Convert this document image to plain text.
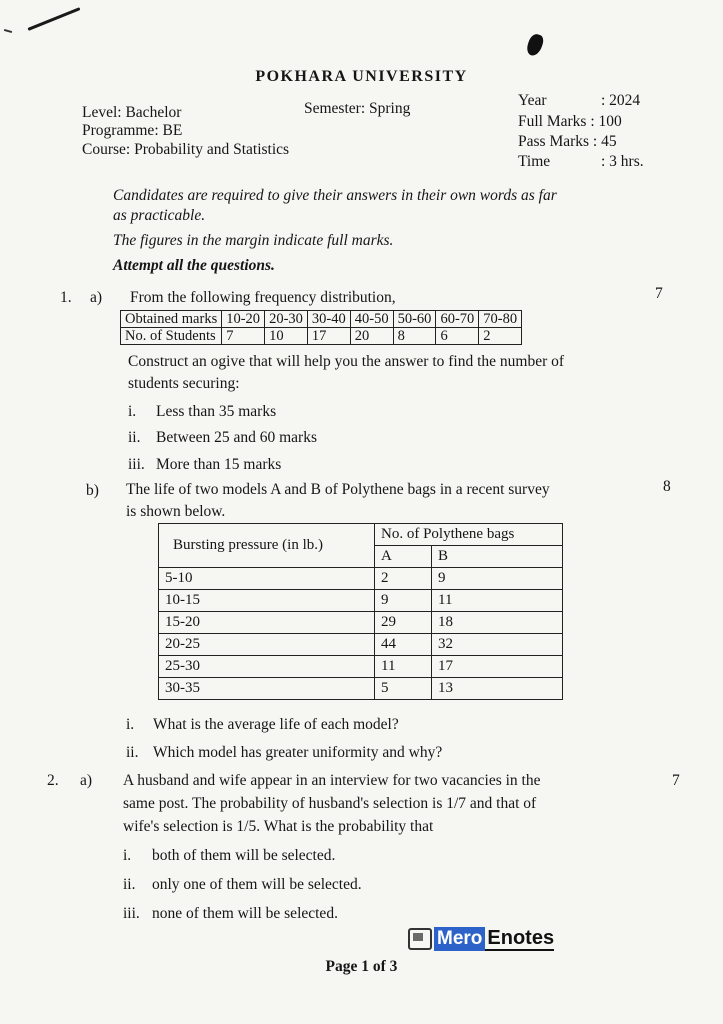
POKHARA UNIVERSITY
Level: Bachelor
Programme: BE
Course: Probability and Statistics
Semester: Spring	Year	: 2024
Full Marks : 100
Pass Marks : 45
Time	: 3 hrs.
Candidates are required to give their answers in their own words as far
as practicable.
The figures in the margin indicate full marks.
Attempt all the questions.
1. a) From the following frequency distribution,	7
Obtained marks	10-20	20-30	30-40	40-50	50-60	60-70	70-80
No. of Students	7	10	17	20	8	6	2
Construct an ogive that will help you the answer to find the number of
students securing:
i. Less than 35 marks
ii. Between 25 and 60 marks
iii. More than 15 marks
b) The life of two models A and B of Polythene bags in a recent survey
is shown below.
8
Bursting pressure (in lb.)	No. of Polythene bags	
	A	B
5-10	2	9
10-15	9	11
15-20	29	18
20-25	44	32
25-30	11	17
30-35	5	13
i. What is the average life of each model?
ii. Which model has greater uniformity and why?
2. a) A husband and wife appear in an interview for two vacancies in the
same post. The probability of husband's selection is 1/7 and that of
wife's selection is 1/5. What is the probability that
7
i. both of them will be selected.
ii. only one of them will be selected.
iii. none of them will be selected.
Mero Enotes
Page 1 of 3
